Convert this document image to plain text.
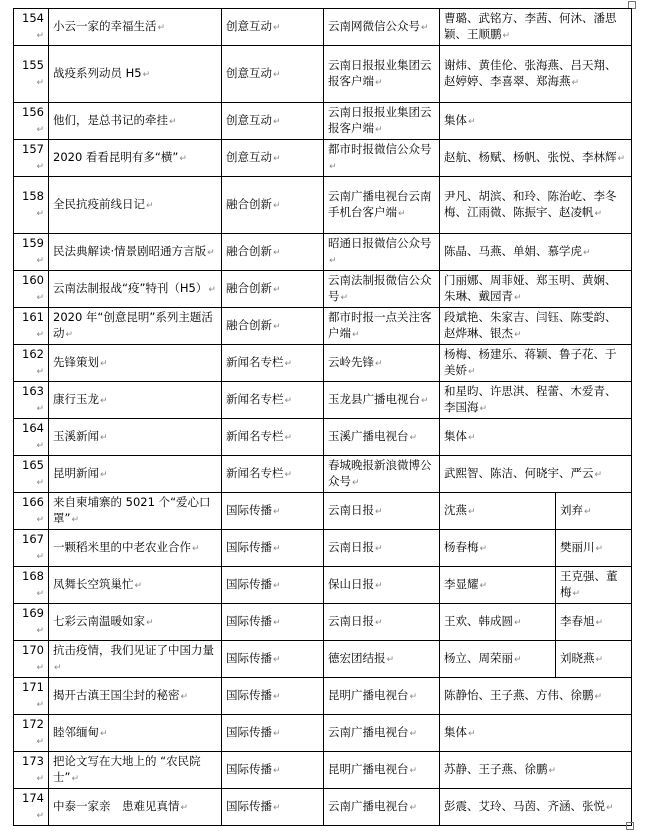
154↵	小云一家的幸福生活↵	创意互动↵	云南网微信公众号↵	曹璐、武铭方、李茜、何沐、潘思颖、王顺鹏↵	
155↵	战疫系列动员 H5↵	创意互动↵	云南日报报业集团云报客户端↵	谢炜、黄佳伦、张海燕、吕天翔、赵婷婷、李喜翠、郑海燕↵	
156↵	他们，是总书记的牵挂↵	创意互动↵	云南日报报业集团云报客户端↵	集体↵	
157↵	2020 看看昆明有多“横”↵	创意互动↵	都市时报微信公众号↵	赵航、杨赋、杨帆、张悦、李林辉↵	
158↵	全民抗疫前线日记↵	融合创新↵	云南广播电视台云南手机台客户端↵	尹凡、胡滨、和玲、陈治屹、李冬梅、江雨微、陈振宇、赵凌帆↵	
159↵	民法典解读·情景剧昭通方言版↵	融合创新↵	昭通日报微信公众号↵	陈晶、马燕、单娟、慕学虎↵	
160↵	云南法制报战“疫”特刊（H5）↵	融合创新↵	云南法制报微信公众号↵	门丽娜、周菲娅、郑玉明、黄娴、朱琳、戴园青↵	
161↵	2020 年“创意昆明”系列主题活动↵	融合创新↵	都市时报一点关注客户端↵	段斌艳、朱家吉、闫钰、陈雯韵、赵烨琳、银杰↵	
162↵	先锋策划↵	新闻名专栏↵	云岭先锋↵	杨梅、杨建乐、蒋颖、鲁子花、于美娇↵	
163↵	康行玉龙↵	新闻名专栏↵	玉龙县广播电视台↵	和星昀、许思淇、程蕾、木爱青、李国海↵	
164↵	玉溪新闻↵	新闻名专栏↵	玉溪广播电视台↵	集体↵	
165↵	昆明新闻↵	新闻名专栏↵	春城晚报新浪微博公众号↵	武熙智、陈洁、何晓宇、严云↵	
166↵	来自柬埔寨的 5021 个“爱心口罩”↵	国际传播↵	云南日报↵	沈燕↵	刘弃↵
167↵	一颗稻米里的中老农业合作↵	国际传播↵	云南日报↵	杨春梅↵	樊丽川↵
168↵	凤舞长空筑巢忙↵	国际传播↵	保山日报↵	李显耀↵	王克强、董梅↵
169↵	七彩云南温暖如家↵	国际传播↵	云南日报↵	王欢、韩成圆↵	李春旭↵
170↵	抗击疫情，我们见证了中国力量↵	国际传播↵	德宏团结报↵	杨立、周荣丽↵	刘晓燕↵
171↵	揭开古滇王国尘封的秘密↵	国际传播↵	昆明广播电视台↵	陈静怡、王子燕、方伟、徐鹏↵	
172↵	睦邻缅甸↵	国际传播↵	云南广播电视台↵	集体↵	
173↵	把论文写在大地上的 “农民院士”↵	国际传播↵	昆明广播电视台↵	苏静、王子燕、徐鹏↵	
174↵	中泰一家亲　患难见真情↵	国际传播↵	云南广播电视台↵	彭震、艾玲、马茵、齐涵、张悦↵	
